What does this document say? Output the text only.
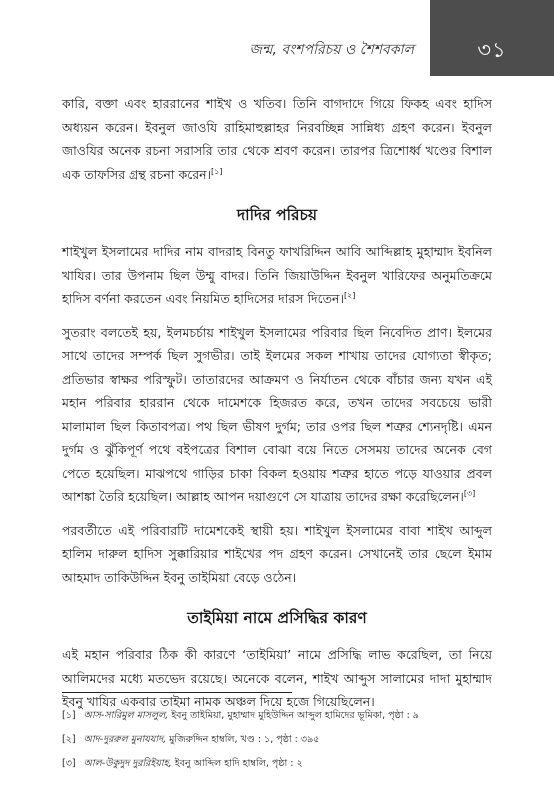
জন্ম, বংশপরিচয় ও শৈশবকাল	৩১

কারি, বক্তা এবং হাররানের শাইখ ও খতিব। তিনি বাগদাদে গিয়ে ফিকহ এবং হাদিস অধ্যয়ন করেন। ইবনুল জাওযি রাহিমাহুল্লাহর নিরবচ্ছিন্ন সান্নিধ্য গ্রহণ করেন। ইবনুল জাওযির অনেক রচনা সরাসরি তার থেকে শ্রবণ করেন। তারপর ত্রিশোর্ধ্ব খণ্ডের বিশাল এক তাফসির গ্রন্থ রচনা করেন।[১]

দাদির পরিচয়

শাইখুল ইসলামের দাদির নাম বাদরাহ বিনতু ফাখরিদ্দিন আবি আব্দিল্লাহ মুহাম্মাদ ইবনিল খাযির। তার উপনাম ছিল উম্মু বাদর। তিনি জিয়াউদ্দিন ইবনুল খারিফের অনুমতিক্রমে হাদিস বর্ণনা করতেন এবং নিয়মিত হাদিসের দারস দিতেন।[২]

সুতরাং বলতেই হয়, ইলমচর্চায় শাইখুল ইসলামের পরিবার ছিল নিবেদিত প্রাণ। ইলমের সাথে তাদের সম্পর্ক ছিল সুগভীর। তাই ইলমের সকল শাখায় তাদের যোগ্যতা স্বীকৃত; প্রতিভার স্বাক্ষর পরিস্ফুট। তাতারদের আক্রমণ ও নির্যাতন থেকে বাঁচার জন্য যখন এই মহান পরিবার হাররান থেকে দামেশকে হিজরত করে, তখন তাদের সবচেয়ে ভারী মালামাল ছিল কিতাবপত্র। পথ ছিল ভীষণ দুর্গম; তার ওপর ছিল শত্রুর শ্যেনদৃষ্টি। এমন দুর্গম ও ঝুঁকিপূর্ণ পথে বইপত্রের বিশাল বোঝা বয়ে নিতে সেসময় তাদের অনেক বেগ পেতে হয়েছিল। মাঝপথে গাড়ির চাকা বিকল হওয়ায় শত্রুর হাতে পড়ে যাওয়ার প্রবল আশঙ্কা তৈরি হয়েছিল। আল্লাহ আপন দয়াগুণে সে যাত্রায় তাদের রক্ষা করেছিলেন।[৩]

পরবর্তীতে এই পরিবারটি দামেশকেই স্থায়ী হয়। শাইখুল ইসলামের বাবা শাইখ আব্দুল হালিম দারুল হাদিস সুক্কারিয়ার শাইখের পদ গ্রহণ করেন। সেখানেই তার ছেলে ইমাম আহমাদ তাকিউদ্দিন ইবনু তাইমিয়া বেড়ে ওঠেন।

তাইমিয়া নামে প্রসিদ্ধির কারণ

এই মহান পরিবার ঠিক কী কারণে ‘তাইমিয়া’ নামে প্রসিদ্ধি লাভ করেছিল, তা নিয়ে আলিমদের মধ্যে মতভেদ রয়েছে। অনেকে বলেন, শাইখ আব্দুস সালামের দাদা মুহাম্মাদ ইবনু খাযির একবার তাইমা নামক অঞ্চল দিয়ে হজে গিয়েছিলেন।

[১] আস-সারিমুল মাসলুল, ইবনু তাইমিয়া, মুহাম্মাদ মুহিউদ্দিন আব্দুল হামিদের ভূমিকা, পৃষ্ঠা : ৯
[২] আদ-দুররুল মুনাযযাদ, মুজিরুদ্দিন হাম্বলি, খণ্ড : ১, পৃষ্ঠা : ৩৯৫
[৩] আল-উকুদুদ দুররিইয়াহ, ইবনু আব্দিল হাদি হাম্বলি, পৃষ্ঠা : ২
